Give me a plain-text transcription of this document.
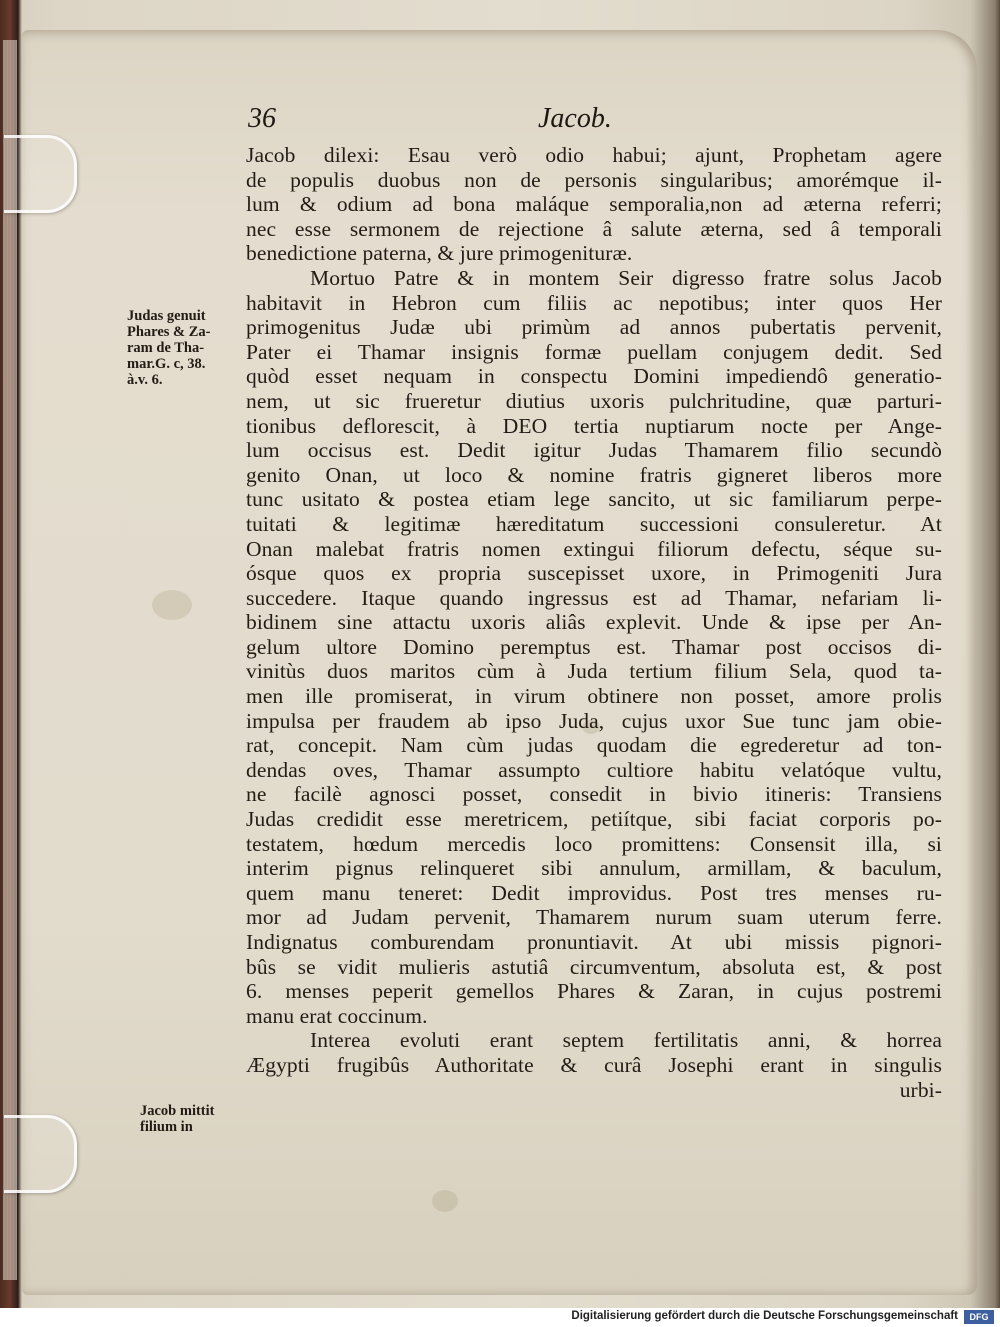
36	Jacob.
Jacob dilexi: Esau verò odio habui; ajunt, Prophetam agere
de populis duobus non de personis singularibus; amorémque il-
lum & odium ad bona maláque semporalia,non ad æterna referri;
nec esse sermonem de rejectione â salute æterna, sed â temporali
benedictione paterna, & jure primogenituræ.
Mortuo Patre & in montem Seir digresso fratre solus Jacob
habitavit in Hebron cum filiis ac nepotibus; inter quos Her
primogenitus Judæ ubi primùm ad annos pubertatis pervenit,
Pater ei Thamar insignis formæ puellam conjugem dedit. Sed
quòd esset nequam in conspectu Domini impediendô generatio-
nem, ut sic frueretur diutius uxoris pulchritudine, quæ parturi-
tionibus deflorescit, à DEO tertia nuptiarum nocte per Ange-
lum occisus est. Dedit igitur Judas Thamarem filio secundò
genito Onan, ut loco & nomine fratris gigneret liberos more
tunc usitato & postea etiam lege sancito, ut sic familiarum perpe-
tuitati & legitimæ hæreditatum successioni consuleretur. At
Onan malebat fratris nomen extingui filiorum defectu, séque su-
ósque quos ex propria suscepisset uxore, in Primogeniti Jura
succedere. Itaque quando ingressus est ad Thamar, nefariam li-
bidinem sine attactu uxoris aliâs explevit. Unde & ipse per An-
gelum ultore Domino peremptus est. Thamar post occisos di-
vinitùs duos maritos cùm à Juda tertium filium Sela, quod ta-
men ille promiserat, in virum obtinere non posset, amore prolis
impulsa per fraudem ab ipso Juda, cujus uxor Sue tunc jam obie-
rat, concepit. Nam cùm judas quodam die egrederetur ad ton-
dendas oves, Thamar assumpto cultiore habitu velatóque vultu,
ne facilè agnosci posset, consedit in bivio itineris: Transiens
Judas credidit esse meretricem, petiítque, sibi faciat corporis po-
testatem, hœdum mercedis loco promittens: Consensit illa, si
interim pignus relinqueret sibi annulum, armillam, & baculum,
quem manu teneret: Dedit improvidus. Post tres menses ru-
mor ad Judam pervenit, Thamarem nurum suam uterum ferre.
Indignatus comburendam pronuntiavit. At ubi missis pignori-
bûs se vidit mulieris astutiâ circumventum, absoluta est, & post
6. menses peperit gemellos Phares & Zaran, in cujus postremi
manu erat coccinum.
Interea evoluti erant septem fertilitatis anni, & horrea
Ægypti frugibûs Authoritate & curâ Josephi erant in singulis
urbi-
Judas genuit
Phares & Za-
ram de Tha-
mar.G. c, 38.
à.v. 6.
Jacob mittit
filium in
Digitalisierung gefördert durch die Deutsche Forschungsgemeinschaft	DFG
